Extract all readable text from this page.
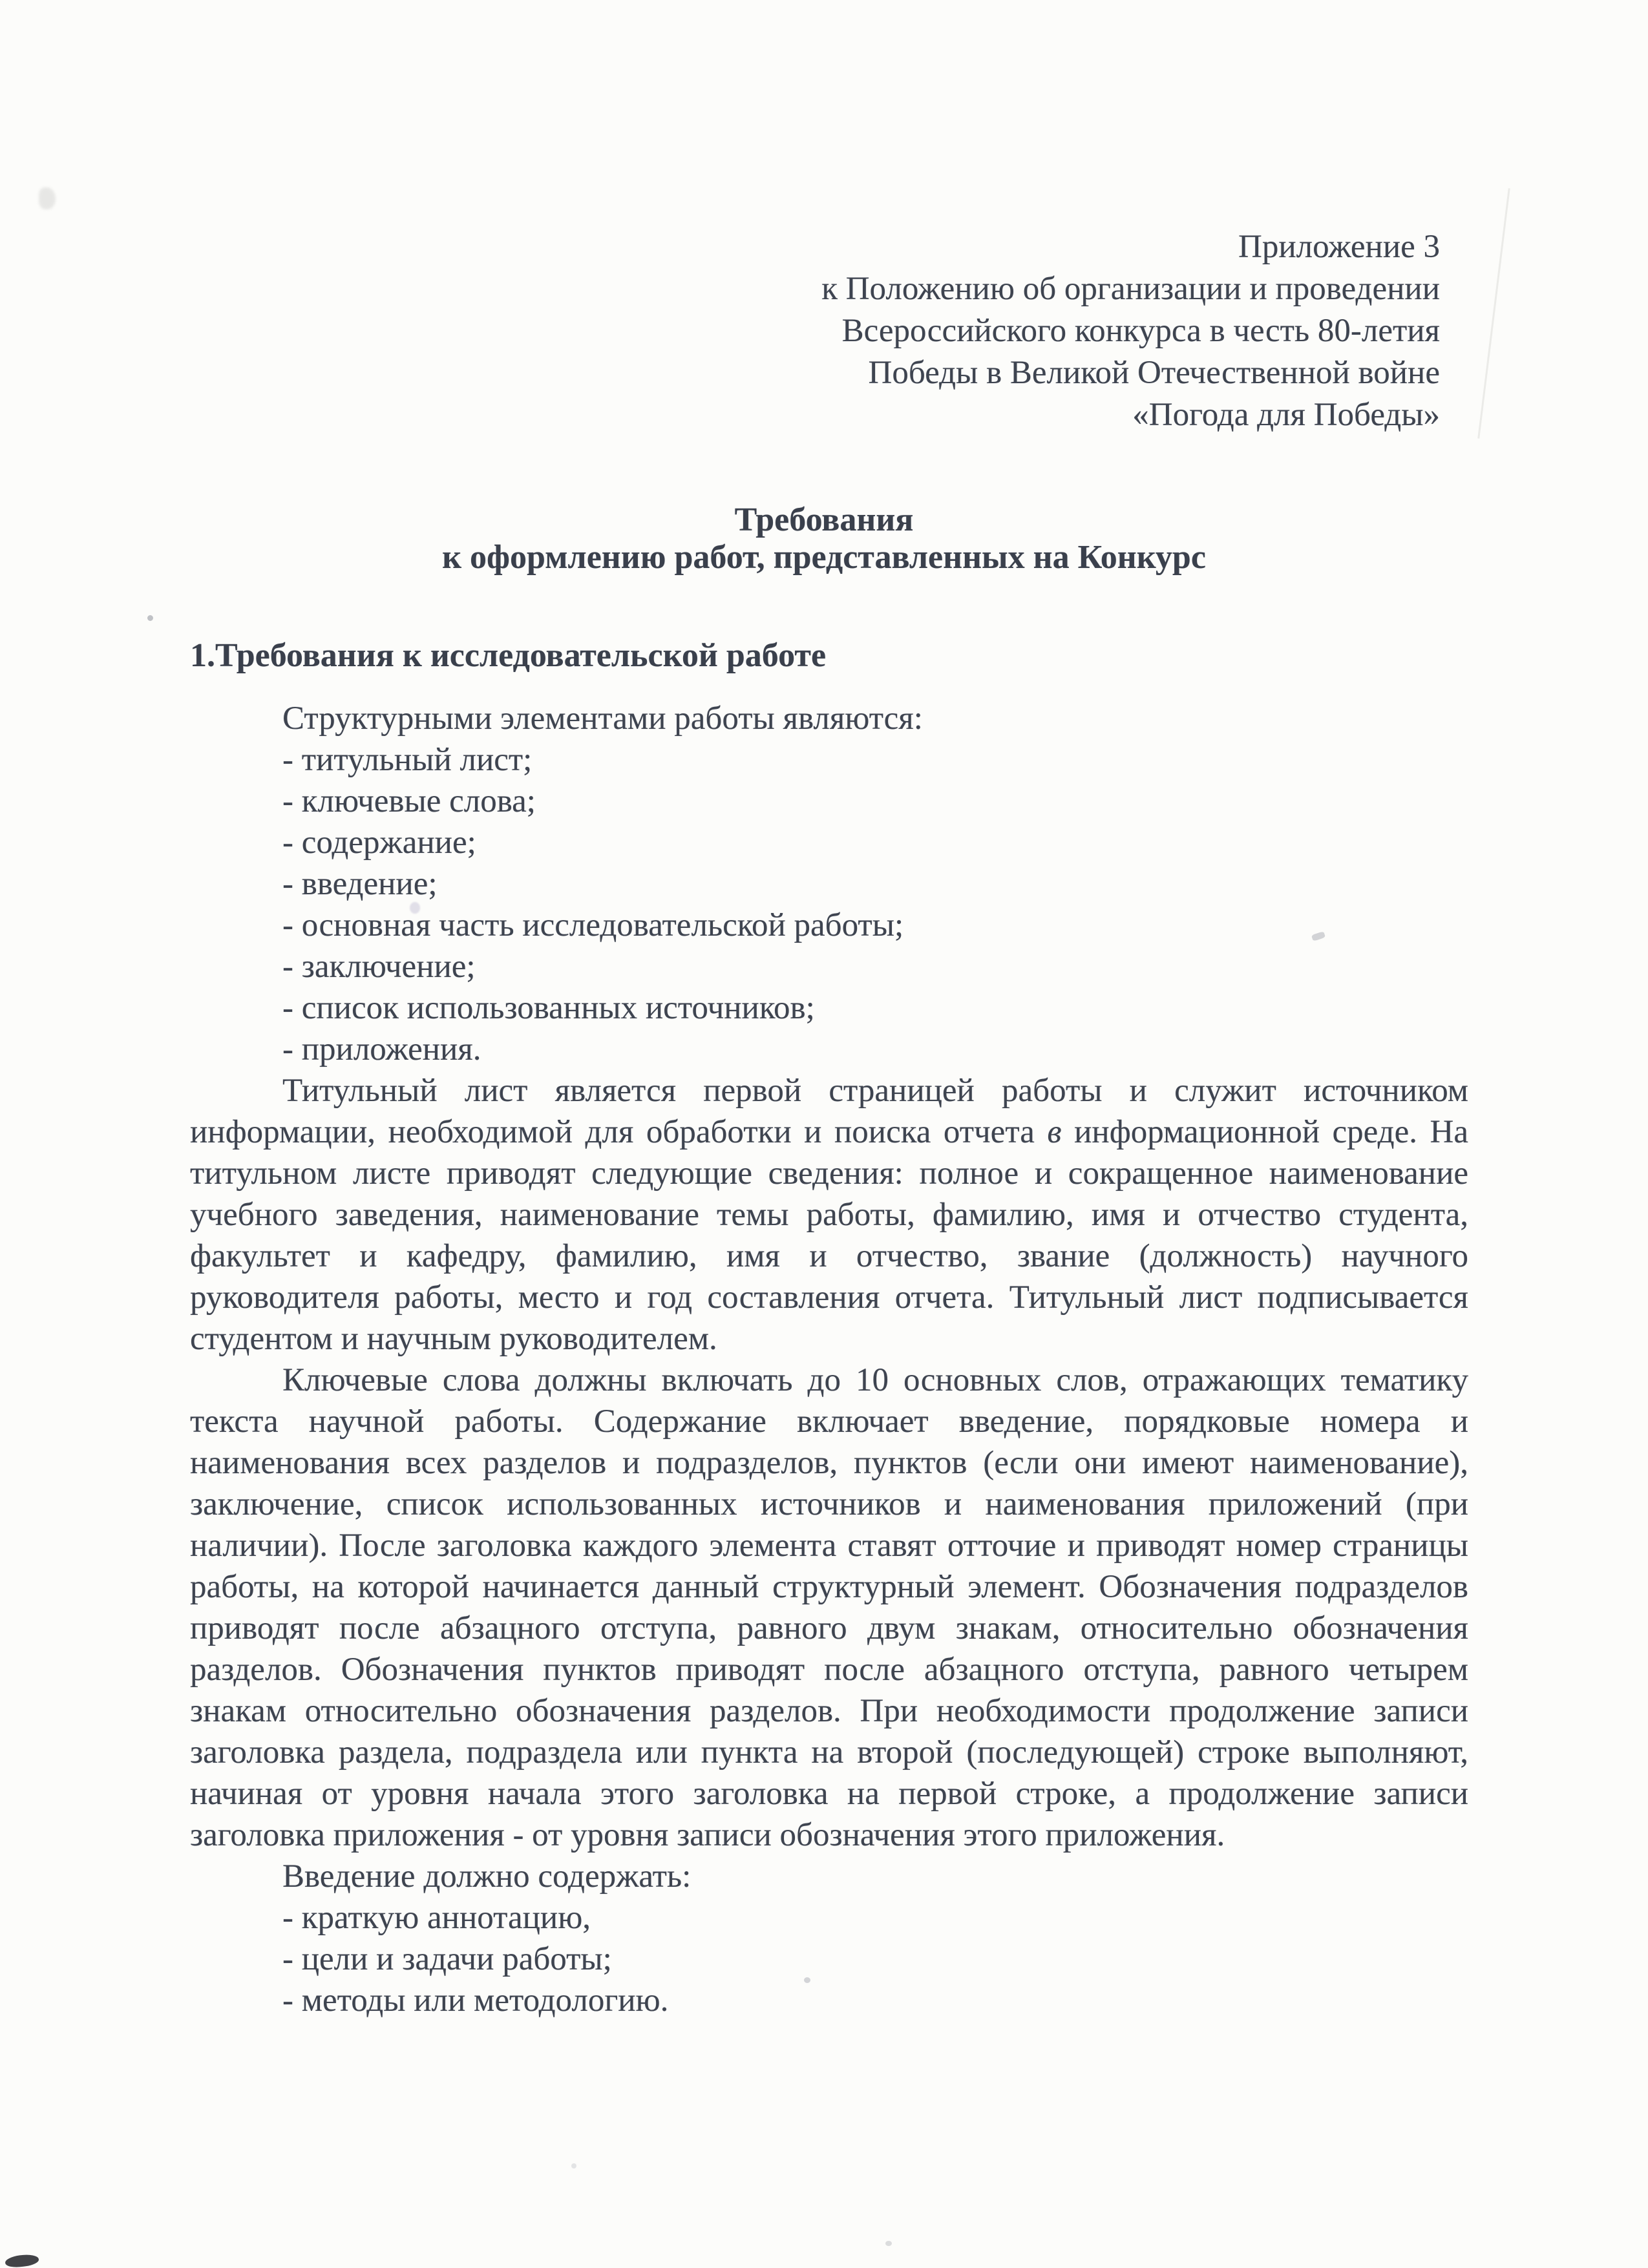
Приложение 3
к Положению об организации и проведении
Всероссийского конкурса в честь 80-летия
Победы в Великой Отечественной войне
«Погода для Победы»
Требования
к оформлению работ, представленных на Конкурс
1.Требования к исследовательской работе

Структурными элементами работы являются:

- титульный лист;

- ключевые слова;

- содержание;

- введение;

- основная часть исследовательской работы;

- заключение;

- список использованных источников;

- приложения.

Титульный лист является первой страницей работы и служит источником информации, необходимой для обработки и поиска отчета в информационной среде. На титульном листе приводят следующие сведения: полное и сокращенное наименование учебного заведения, наименование темы работы, фамилию, имя и отчество студента, факультет и кафедру, фамилию, имя и отчество, звание (должность) научного руководителя работы, место и год составления отчета. Титульный лист подписывается студентом и научным руководителем.

Ключевые слова должны включать до 10 основных слов, отражающих тематику текста научной работы. Содержание включает введение, порядковые номера и наименования всех разделов и подразделов, пунктов (если они имеют наименование), заключение, список использованных источников и наименования приложений (при наличии). После заголовка каждого элемента ставят отточие и приводят номер страницы работы, на которой начинается данный структурный элемент. Обозначения подразделов приводят после абзацного отступа, равного двум знакам, относительно обозначения разделов. Обозначения пунктов приводят после абзацного отступа, равного четырем знакам относительно обозначения разделов. При необходимости продолжение записи заголовка раздела, подраздела или пункта на второй (последующей) строке выполняют, начиная от уровня начала этого заголовка на первой строке, а продолжение записи заголовка приложения - от уровня записи обозначения этого приложения.

Введение должно содержать:

- краткую аннотацию,

- цели и задачи работы;

- методы или методологию.
